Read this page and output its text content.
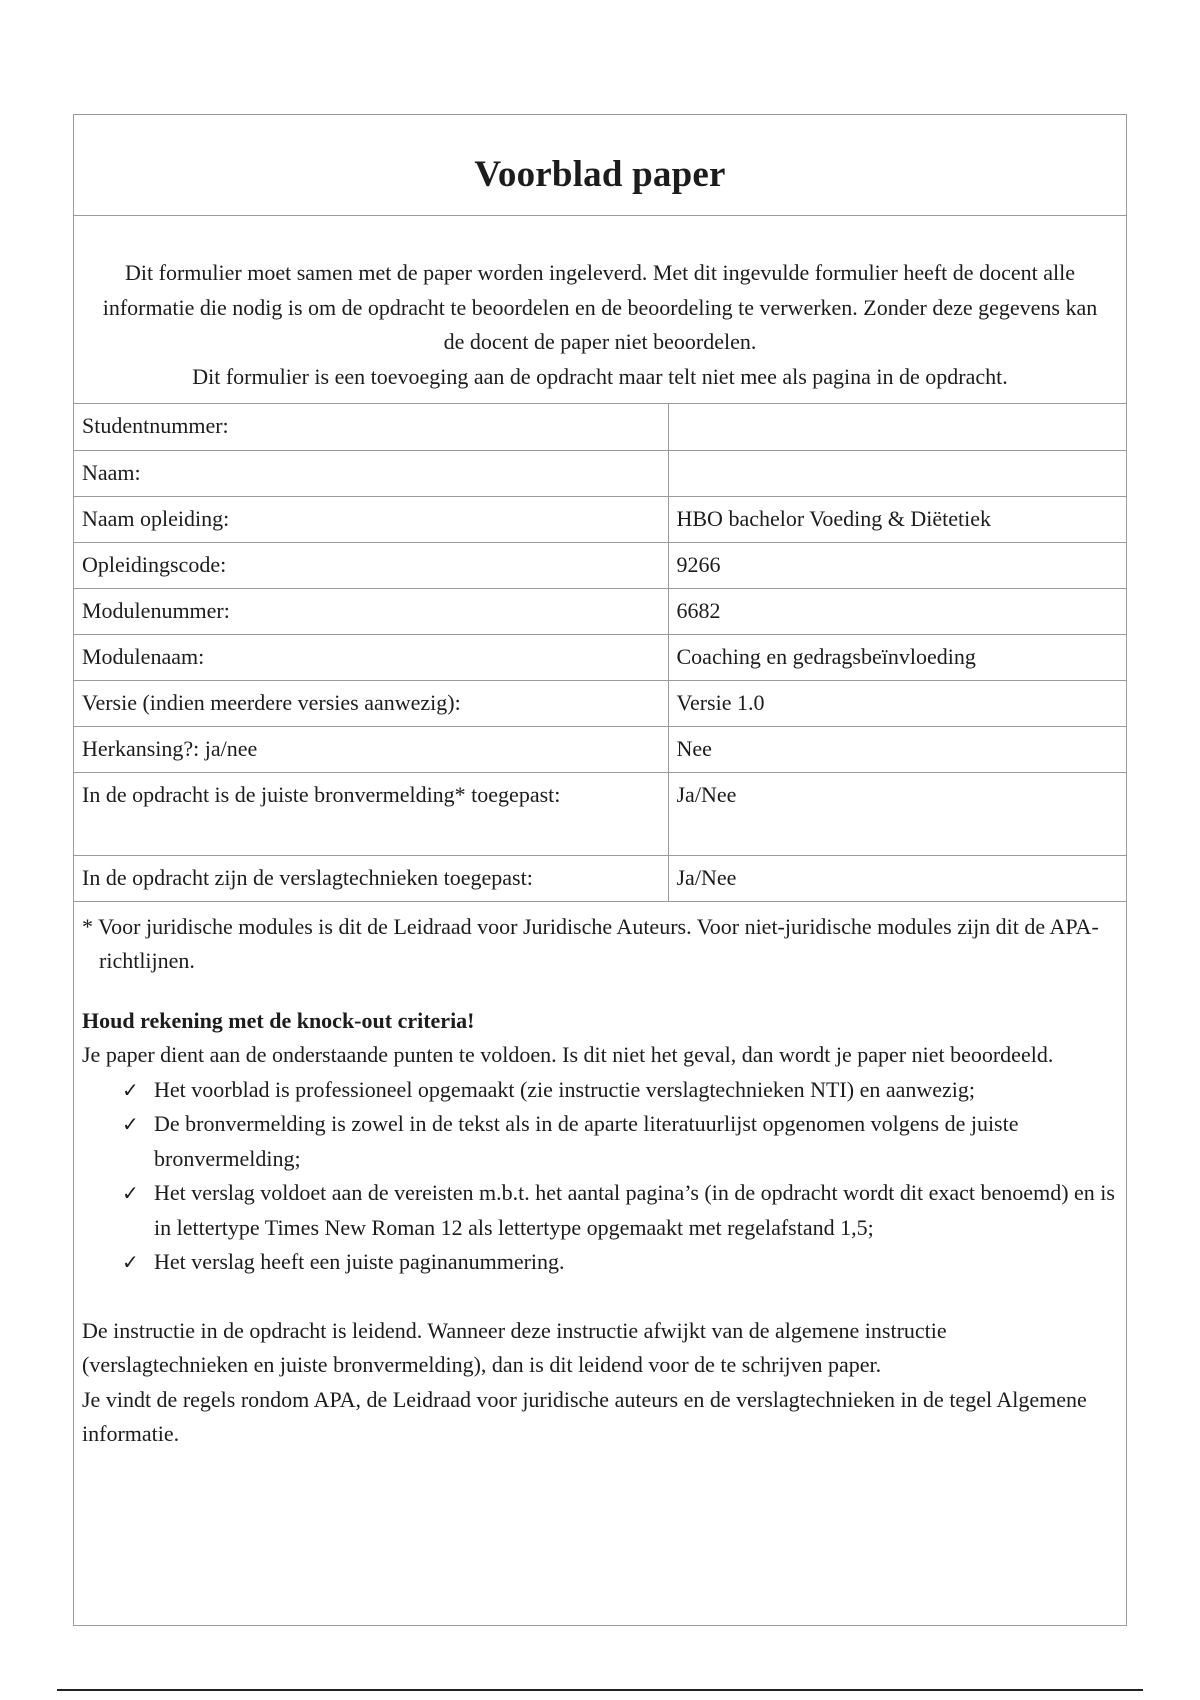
Voorblad paper

Dit formulier moet samen met de paper worden ingeleverd. Met dit ingevulde formulier heeft de docent alle informatie die nodig is om de opdracht te beoordelen en de beoordeling te verwerken. Zonder deze gegevens kan de docent de paper niet beoordelen.

Dit formulier is een toevoeging aan de opdracht maar telt niet mee als pagina in de opdracht.

Studentnummer:	
Naam:	
Naam opleiding:	HBO bachelor Voeding & Diëtetiek
Opleidingscode:	9266
Modulenummer:	6682
Modulenaam:	Coaching en gedragsbeïnvloeding
Versie (indien meerdere versies aanwezig):	Versie 1.0
Herkansing?: ja/nee	Nee
In de opdracht is de juiste bronvermelding* toegepast:	Ja/Nee
In de opdracht zijn de verslagtechnieken toegepast:	Ja/Nee

* Voor juridische modules is dit de Leidraad voor Juridische Auteurs. Voor niet-juridische modules zijn dit de APA-richtlijnen.

Houd rekening met de knock-out criteria!

Je paper dient aan de onderstaande punten te voldoen. Is dit niet het geval, dan wordt je paper niet beoordeeld.

✓ Het voorblad is professioneel opgemaakt (zie instructie verslagtechnieken NTI) en aanwezig;
✓ De bronvermelding is zowel in de tekst als in de aparte literatuurlijst opgenomen volgens de juiste bronvermelding;
✓ Het verslag voldoet aan de vereisten m.b.t. het aantal pagina’s (in de opdracht wordt dit exact benoemd) en is in lettertype Times New Roman 12 als lettertype opgemaakt met regelafstand 1,5;
✓ Het verslag heeft een juiste paginanummering.

De instructie in de opdracht is leidend. Wanneer deze instructie afwijkt van de algemene instructie (verslagtechnieken en juiste bronvermelding), dan is dit leidend voor de te schrijven paper.

Je vindt de regels rondom APA, de Leidraad voor juridische auteurs en de verslagtechnieken in de tegel Algemene informatie.
